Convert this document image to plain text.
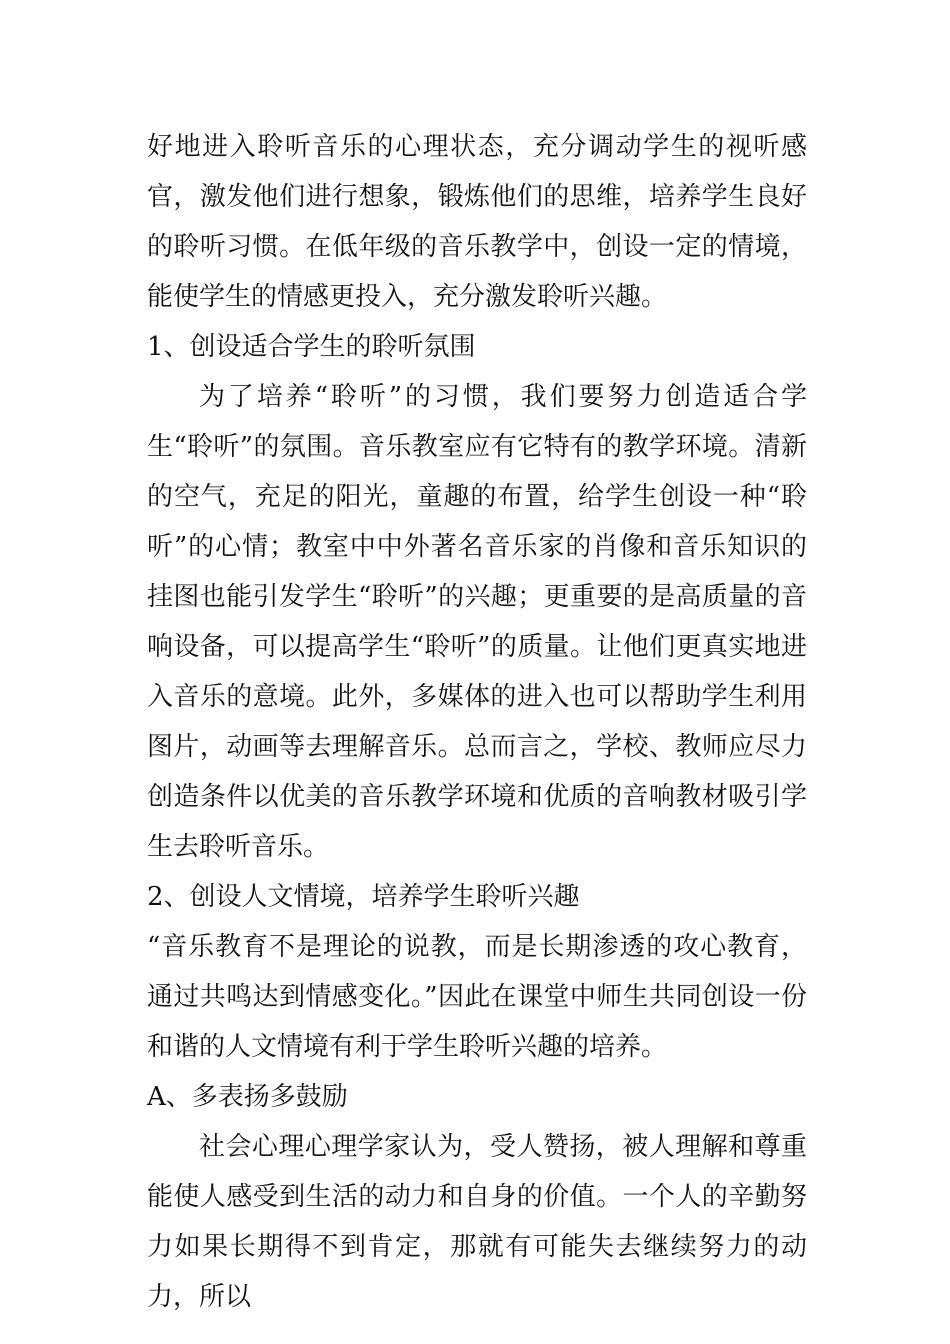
好地进入聆听音乐的心理状态，充分调动学生的视听感官，激发他们进行想象，锻炼他们的思维，培养学生良好的聆听习惯。在低年级的音乐教学中，创设一定的情境，能使学生的情感更投入，充分激发聆听兴趣。

1、创设适合学生的聆听氛围

为了培养“聆听”的习惯，我们要努力创造适合学生“聆听”的氛围。音乐教室应有它特有的教学环境。清新的空气，充足的阳光，童趣的布置，给学生创设一种“聆听”的心情；教室中中外著名音乐家的肖像和音乐知识的挂图也能引发学生“聆听”的兴趣；更重要的是高质量的音响设备，可以提高学生“聆听”的质量。让他们更真实地进入音乐的意境。此外，多媒体的进入也可以帮助学生利用图片，动画等去理解音乐。总而言之，学校、教师应尽力创造条件以优美的音乐教学环境和优质的音响教材吸引学生去聆听音乐。

2、创设人文情境，培养学生聆听兴趣

“音乐教育不是理论的说教，而是长期渗透的攻心教育，通过共鸣达到情感变化。”因此在课堂中师生共同创设一份和谐的人文情境有利于学生聆听兴趣的培养。

A、多表扬多鼓励

社会心理心理学家认为，受人赞扬，被人理解和尊重能使人感受到生活的动力和自身的价值。一个人的辛勤努力如果长期得不到肯定，那就有可能失去继续努力的动力，所以
